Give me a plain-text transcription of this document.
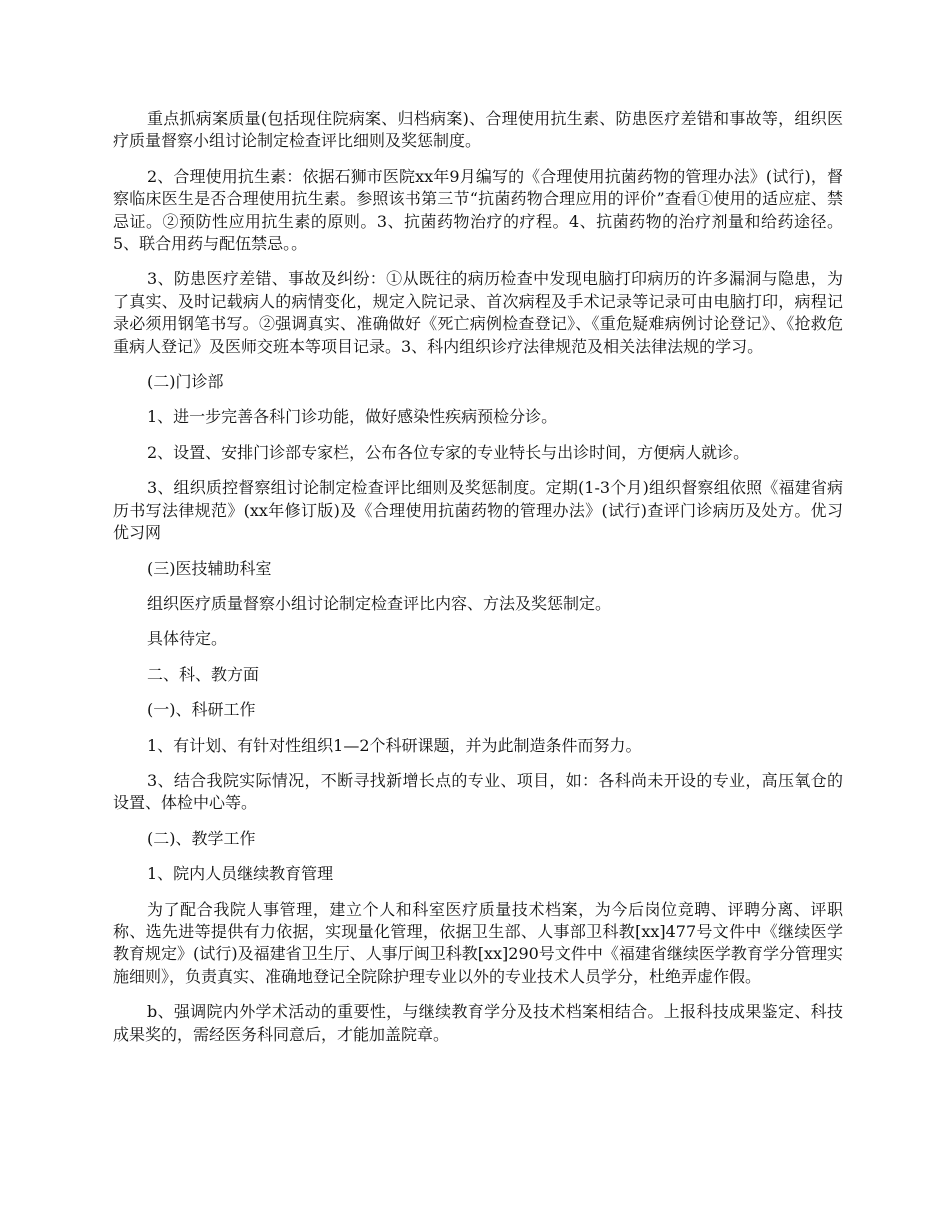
重点抓病案质量(包括现住院病案、归档病案)、合理使用抗生素、防患医疗差错和事故等，组织医疗质量督察小组讨论制定检查评比细则及奖惩制度。

2、合理使用抗生素：依据石狮市医院xx年9月编写的《合理使用抗菌药物的管理办法》(试行)，督察临床医生是否合理使用抗生素。参照该书第三节“抗菌药物合理应用的评价”查看①使用的适应症、禁忌证。②预防性应用抗生素的原则。3、抗菌药物治疗的疗程。4、抗菌药物的治疗剂量和给药途径。5、联合用药与配伍禁忌。。

3、防患医疗差错、事故及纠纷：①从既往的病历检查中发现电脑打印病历的许多漏洞与隐患，为了真实、及时记载病人的病情变化，规定入院记录、首次病程及手术记录等记录可由电脑打印，病程记录必须用钢笔书写。②强调真实、准确做好《死亡病例检查登记》、《重危疑难病例讨论登记》、《抢救危重病人登记》及医师交班本等项目记录。3、科内组织诊疗法律规范及相关法律法规的学习。

(二)门诊部

1、进一步完善各科门诊功能，做好感染性疾病预检分诊。

2、设置、安排门诊部专家栏，公布各位专家的专业特长与出诊时间，方便病人就诊。

3、组织质控督察组讨论制定检查评比细则及奖惩制度。定期(1-3个月)组织督察组依照《福建省病历书写法律规范》(xx年修订版)及《合理使用抗菌药物的管理办法》(试行)查评门诊病历及处方。优习优习网

(三)医技辅助科室

组织医疗质量督察小组讨论制定检查评比内容、方法及奖惩制定。

具体待定。

二、科、教方面

(一)、科研工作

1、有计划、有针对性组织1—2个科研课题，并为此制造条件而努力。

3、结合我院实际情况，不断寻找新增长点的专业、项目，如：各科尚未开设的专业，高压氧仓的设置、体检中心等。

(二)、教学工作

1、院内人员继续教育管理

为了配合我院人事管理，建立个人和科室医疗质量技术档案，为今后岗位竞聘、评聘分离、评职称、选先进等提供有力依据，实现量化管理，依据卫生部、人事部卫科教[xx]477号文件中《继续医学教育规定》(试行)及福建省卫生厅、人事厅闽卫科教[xx]290号文件中《福建省继续医学教育学分管理实施细则》，负责真实、准确地登记全院除护理专业以外的专业技术人员学分，杜绝弄虚作假。

b、强调院内外学术活动的重要性，与继续教育学分及技术档案相结合。上报科技成果鉴定、科技成果奖的，需经医务科同意后，才能加盖院章。
